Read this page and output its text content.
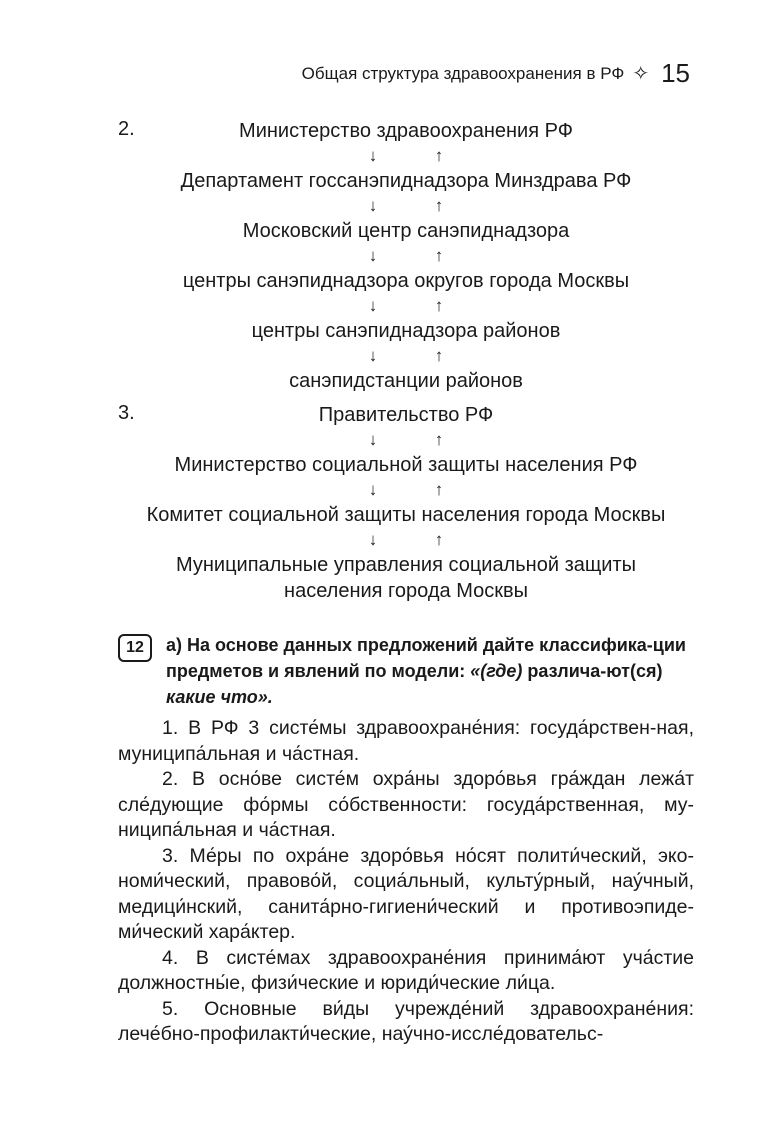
Общая структура здравоохранения в РФ ✧ 15
2.	Министерство здравоохранения РФ
↓	↑
Департамент госсанэпиднадзора Минздрава РФ
↓	↑
Московский центр санэпиднадзора
↓	↑
центры санэпиднадзора округов города Москвы
↓	↑
центры санэпиднадзора районов
↓	↑
санэпидстанции районов
3.	Правительство РФ
↓	↑
Министерство социальной защиты населения РФ
↓	↑
Комитет социальной защиты населения города Москвы
↓	↑
Муниципальные управления социальной защиты
населения города Москвы
12	а) На основе данных предложений дайте классифика-ции предметов и явлений по модели: «(где) различа-ют(ся) какие что».

1. В РФ 3 систе́мы здравоохране́ния: госуда́рствен-ная, муниципа́льная и ча́стная.

2. В осно́ве систе́м охра́ны здоро́вья гра́ждан лежа́т сле́дующие фо́рмы со́бственности: госуда́рственная, му-ниципа́льная и ча́стная.

3. Ме́ры по охра́не здоро́вья но́сят полити́ческий, эко-номи́ческий, правово́й, социа́льный, культу́рный, нау́чный, медици́нский, санита́рно-гигиени́ческий и противоэпиде-ми́ческий хара́ктер.

4. В систе́мах здравоохране́ния принима́ют уча́стие должностны́е, физи́ческие и юриди́ческие ли́ца.

5. Основныe ви́ды учрежде́ний здравоохране́ния: лече́бно-профилакти́ческие, нау́чно-иссле́довательс-
